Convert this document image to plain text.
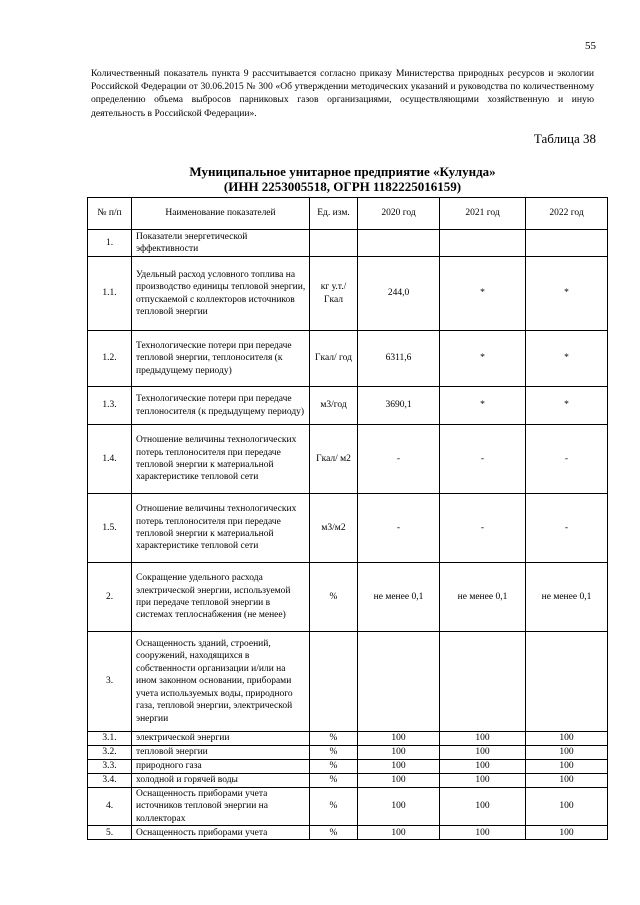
55
Количественный показатель пункта 9 рассчитывается согласно приказу Министерства природных ресурсов и экологии Российской Федерации от 30.06.2015 № 300 «Об утверждении методических указаний и руководства по количественному определению объема выбросов парниковых газов организациями, осуществляющими хозяйственную и иную деятельность в Российской Федерации».
Таблица 38
Муниципальное унитарное предприятие «Кулунда»
(ИНН 2253005518, ОГРН 1182225016159)
№ п/п	Наименование показателей	Ед. изм.	2020 год	2021 год	2022 год
1.	Показатели энергетической эффективности				
1.1.	Удельный расход условного топлива на производство единицы тепловой энергии, отпускаемой с коллекторов источников тепловой энергии	кг у.т./ Гкал	244,0	*	*
1.2.	Технологические потери при передаче тепловой энергии, теплоносителя (к предыдущему периоду)	Гкал/ год	6311,6	*	*
1.3.	Технологические потери при передаче теплоносителя (к предыдущему периоду)	м3/год	3690,1	*	*
1.4.	Отношение величины технологических потерь теплоносителя при передаче тепловой энергии к материальной характеристике тепловой сети	Гкал/ м2	-	-	-
1.5.	Отношение величины технологических потерь теплоносителя при передаче тепловой энергии к материальной характеристике тепловой сети	м3/м2	-	-	-
2.	Сокращение удельного расхода электрической энергии, используемой при передаче тепловой энергии в системах теплоснабжения (не менее)	%	не менее 0,1	не менее 0,1	не менее 0,1
3.	Оснащенность зданий, строений, сооружений, находящихся в собственности организации и/или на ином законном основании, приборами учета используемых воды, природного газа, тепловой энергии, электрической энергии				
3.1.	электрической энергии	%	100	100	100
3.2.	тепловой энергии	%	100	100	100
3.3.	природного газа	%	100	100	100
3.4.	холодной и горячей воды	%	100	100	100
4.	Оснащенность приборами учета источников тепловой энергии на коллекторах	%	100	100	100
5.	Оснащенность приборами учета	%	100	100	100
